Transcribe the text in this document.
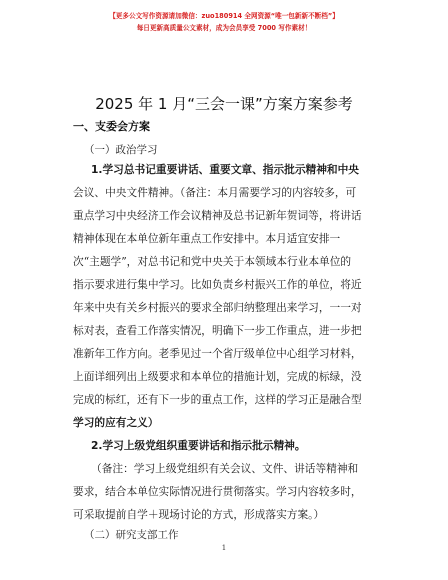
【更多公文写作资源请加微信：zuo180914 全网资源“唯一包新新不断档”】
每日更新高质量公文素材，成为会员享受 7000 写作素材！
2025 年 1 月“三会一课”方案方案参考
一、支委会方案
（一）政治学习
1.学习总书记重要讲话、重要文章、指示批示精神和中央
会议、中央文件精神。（备注：本月需要学习的内容较多，可
重点学习中央经济工作会议精神及总书记新年贺词等，将讲话
精神体现在本单位新年重点工作安排中。本月适宜安排一
次“主题学”，对总书记和党中央关于本领域本行业本单位的
指示要求进行集中学习。比如负责乡村振兴工作的单位，将近
年来中央有关乡村振兴的要求全部归纳整理出来学习，一一对
标对表，查看工作落实情况，明确下一步工作重点，进一步把
准新年工作方向。老季见过一个省厅级单位中心组学习材料，
上面详细列出上级要求和本单位的措施计划，完成的标绿，没
完成的标红，还有下一步的重点工作，这样的学习正是融合型
学习的应有之义）
2.学习上级党组织重要讲话和指示批示精神。
（备注：学习上级党组织有关会议、文件、讲话等精神和
要求，结合本单位实际情况进行贯彻落实。学习内容较多时，
可采取提前自学＋现场讨论的方式，形成落实方案。）
（二）研究支部工作
1
